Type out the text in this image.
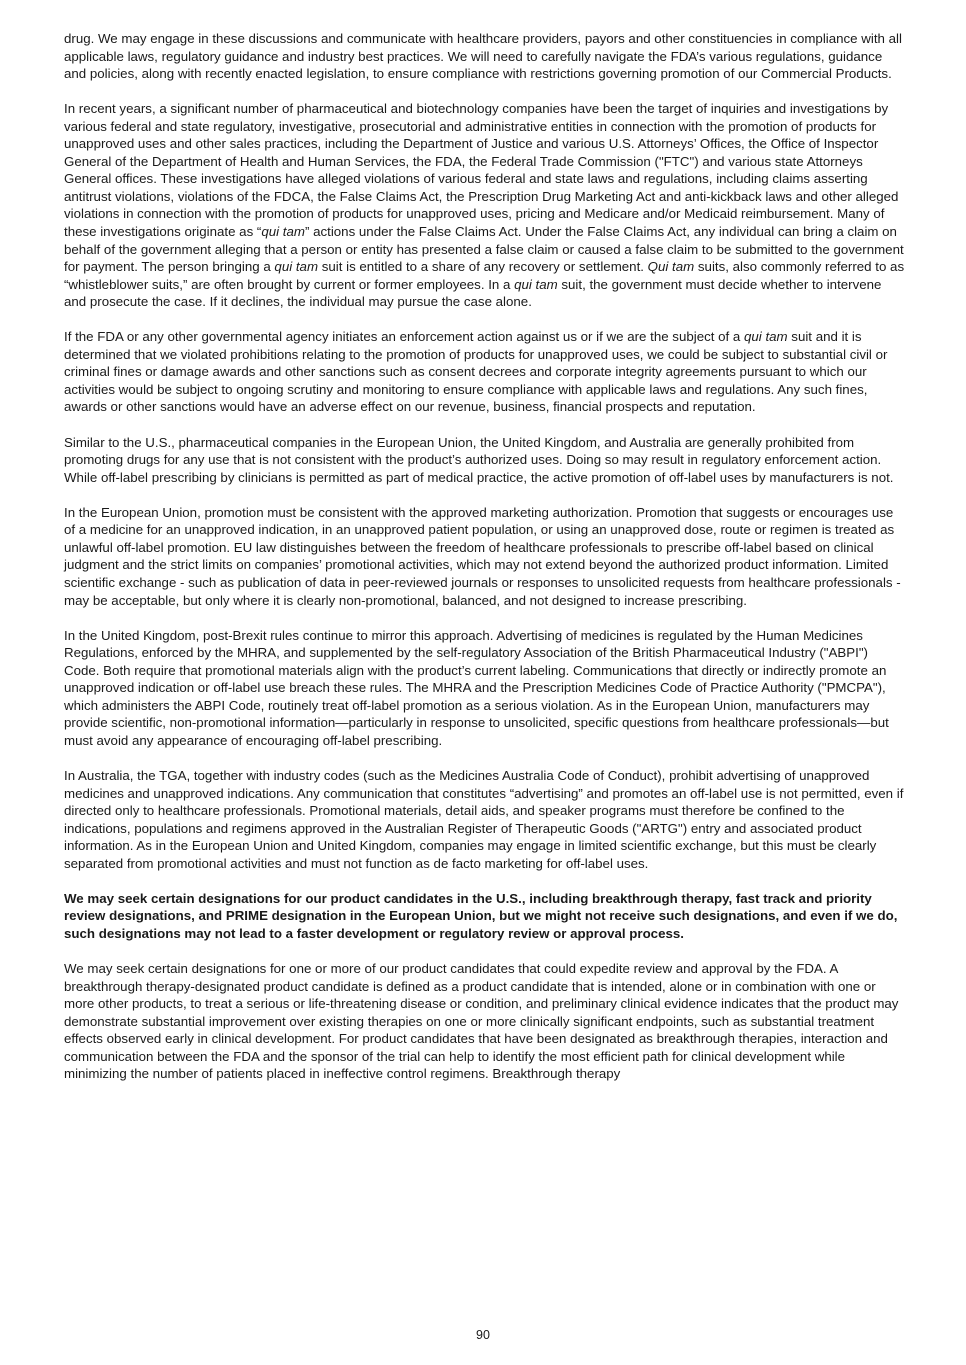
drug. We may engage in these discussions and communicate with healthcare providers, payors and other constituencies in compliance with all applicable laws, regulatory guidance and industry best practices. We will need to carefully navigate the FDA’s various regulations, guidance and policies, along with recently enacted legislation, to ensure compliance with restrictions governing promotion of our Commercial Products.

In recent years, a significant number of pharmaceutical and biotechnology companies have been the target of inquiries and investigations by various federal and state regulatory, investigative, prosecutorial and administrative entities in connection with the promotion of products for unapproved uses and other sales practices, including the Department of Justice and various U.S. Attorneys’ Offices, the Office of Inspector General of the Department of Health and Human Services, the FDA, the Federal Trade Commission ("FTC") and various state Attorneys General offices. These investigations have alleged violations of various federal and state laws and regulations, including claims asserting antitrust violations, violations of the FDCA, the False Claims Act, the Prescription Drug Marketing Act and anti-kickback laws and other alleged violations in connection with the promotion of products for unapproved uses, pricing and Medicare and/or Medicaid reimbursement. Many of these investigations originate as “qui tam” actions under the False Claims Act. Under the False Claims Act, any individual can bring a claim on behalf of the government alleging that a person or entity has presented a false claim or caused a false claim to be submitted to the government for payment. The person bringing a qui tam suit is entitled to a share of any recovery or settlement. Qui tam suits, also commonly referred to as “whistleblower suits,” are often brought by current or former employees. In a qui tam suit, the government must decide whether to intervene and prosecute the case. If it declines, the individual may pursue the case alone.

If the FDA or any other governmental agency initiates an enforcement action against us or if we are the subject of a qui tam suit and it is determined that we violated prohibitions relating to the promotion of products for unapproved uses, we could be subject to substantial civil or criminal fines or damage awards and other sanctions such as consent decrees and corporate integrity agreements pursuant to which our activities would be subject to ongoing scrutiny and monitoring to ensure compliance with applicable laws and regulations. Any such fines, awards or other sanctions would have an adverse effect on our revenue, business, financial prospects and reputation.

Similar to the U.S., pharmaceutical companies in the European Union, the United Kingdom, and Australia are generally prohibited from promoting drugs for any use that is not consistent with the product’s authorized uses. Doing so may result in regulatory enforcement action. While off-label prescribing by clinicians is permitted as part of medical practice, the active promotion of off-label uses by manufacturers is not.

In the European Union, promotion must be consistent with the approved marketing authorization. Promotion that suggests or encourages use of a medicine for an unapproved indication, in an unapproved patient population, or using an unapproved dose, route or regimen is treated as unlawful off-label promotion. EU law distinguishes between the freedom of healthcare professionals to prescribe off-label based on clinical judgment and the strict limits on companies’ promotional activities, which may not extend beyond the authorized product information. Limited scientific exchange - such as publication of data in peer-reviewed journals or responses to unsolicited requests from healthcare professionals - may be acceptable, but only where it is clearly non-promotional, balanced, and not designed to increase prescribing.

In the United Kingdom, post-Brexit rules continue to mirror this approach. Advertising of medicines is regulated by the Human Medicines Regulations, enforced by the MHRA, and supplemented by the self-regulatory Association of the British Pharmaceutical Industry ("ABPI") Code. Both require that promotional materials align with the product’s current labeling. Communications that directly or indirectly promote an unapproved indication or off-label use breach these rules. The MHRA and the Prescription Medicines Code of Practice Authority ("PMCPA"), which administers the ABPI Code, routinely treat off-label promotion as a serious violation. As in the European Union, manufacturers may provide scientific, non-promotional information—particularly in response to unsolicited, specific questions from healthcare professionals—but must avoid any appearance of encouraging off-label prescribing.

In Australia, the TGA, together with industry codes (such as the Medicines Australia Code of Conduct), prohibit advertising of unapproved medicines and unapproved indications. Any communication that constitutes “advertising” and promotes an off-label use is not permitted, even if directed only to healthcare professionals. Promotional materials, detail aids, and speaker programs must therefore be confined to the indications, populations and regimens approved in the Australian Register of Therapeutic Goods ("ARTG") entry and associated product information. As in the European Union and United Kingdom, companies may engage in limited scientific exchange, but this must be clearly separated from promotional activities and must not function as de facto marketing for off-label uses.

We may seek certain designations for our product candidates in the U.S., including breakthrough therapy, fast track and priority review designations, and PRIME designation in the European Union, but we might not receive such designations, and even if we do, such designations may not lead to a faster development or regulatory review or approval process.

We may seek certain designations for one or more of our product candidates that could expedite review and approval by the FDA. A breakthrough therapy-designated product candidate is defined as a product candidate that is intended, alone or in combination with one or more other products, to treat a serious or life-threatening disease or condition, and preliminary clinical evidence indicates that the product may demonstrate substantial improvement over existing therapies on one or more clinically significant endpoints, such as substantial treatment effects observed early in clinical development. For product candidates that have been designated as breakthrough therapies, interaction and communication between the FDA and the sponsor of the trial can help to identify the most efficient path for clinical development while minimizing the number of patients placed in ineffective control regimens. Breakthrough therapy

90
